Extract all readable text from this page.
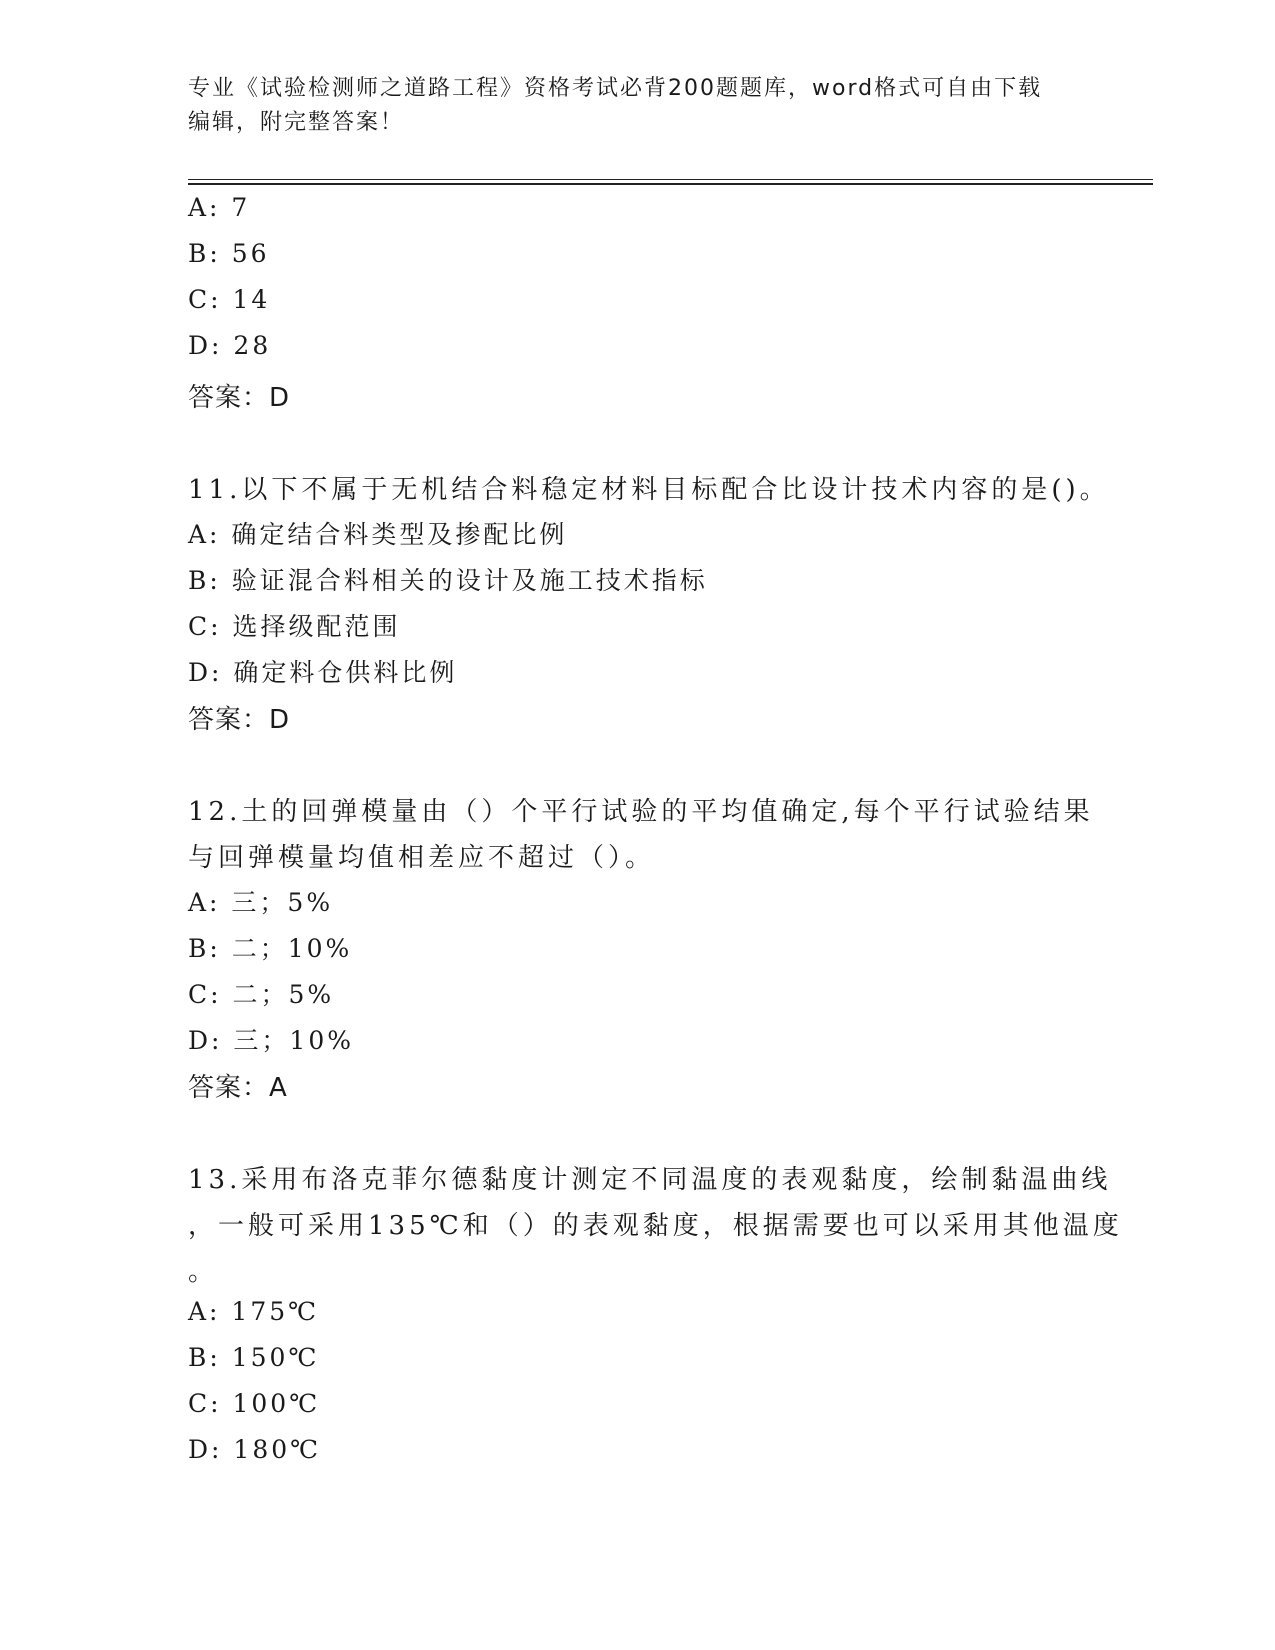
专业《试验检测师之道路工程》资格考试必背200题题库，word格式可自由下载
编辑，附完整答案！
A: 7
B: 56
C: 14
D: 28
答案：D
11.以下不属于无机结合料稳定材料目标配合比设计技术内容的是()。
A: 确定结合料类型及掺配比例
B: 验证混合料相关的设计及施工技术指标
C: 选择级配范围
D: 确定料仓供料比例
答案：D
12.土的回弹模量由（）个平行试验的平均值确定,每个平行试验结果
与回弹模量均值相差应不超过（）。
A: 三；5%
B: 二；10%
C: 二；5%
D: 三；10%
答案：A
13.采用布洛克菲尔德黏度计测定不同温度的表观黏度，绘制黏温曲线
，一般可采用135℃和（）的表观黏度，根据需要也可以采用其他温度
。
A: 175℃
B: 150℃
C: 100℃
D: 180℃
